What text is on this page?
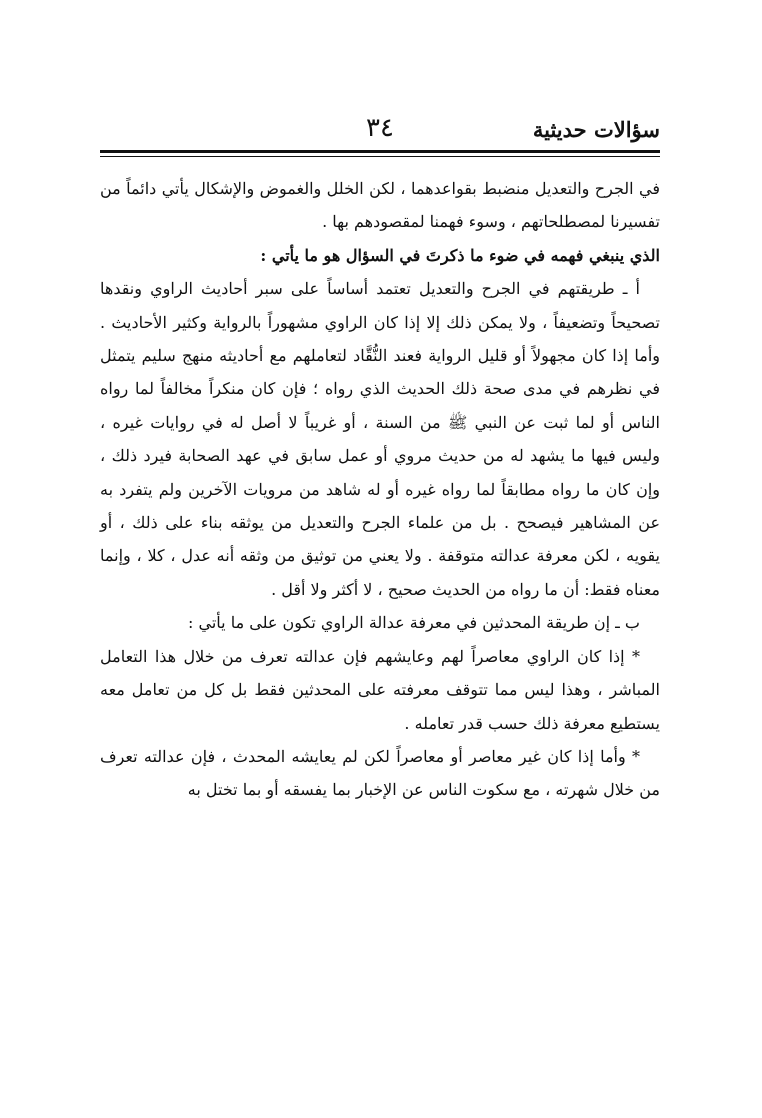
سؤالات حديثية
٣٤

في الجرح والتعديل منضبط بقواعدهما ، لكن الخلل والغموض والإشكال يأتي دائماً من تفسيرنا لمصطلحاتهم ، وسوء فهمنا لمقصودهم بها .

الذي ينبغي فهمه في ضوء ما ذكرتَ في السؤال هو ما يأتي :

أ ـ طريقتهم في الجرح والتعديل تعتمد أساساً على سبر أحاديث الراوي ونقدها تصحيحاً وتضعيفاً ، ولا يمكن ذلك إلا إذا كان الراوي مشهوراً بالرواية وكثير الأحاديث . وأما إذا كان مجهولاً أو قليل الرواية فعند النُّقَّاد لتعاملهم مع أحاديثه منهج سليم يتمثل في نظرهم في مدى صحة ذلك الحديث الذي رواه ؛ فإن كان منكراً مخالفاً لما رواه الناس أو لما ثبت عن النبي ﷺ من السنة ، أو غريباً لا أصل له في روايات غيره ، وليس فيها ما يشهد له من حديث مروي أو عمل سابق في عهد الصحابة فيرد ذلك ، وإن كان ما رواه مطابقاً لما رواه غيره أو له شاهد من مرويات الآخرين ولم يتفرد به عن المشاهير فيصحح . بل من علماء الجرح والتعديل من يوثقه بناء على ذلك ، أو يقويه ، لكن معرفة عدالته متوقفة . ولا يعني من توثيق من وثقه أنه عدل ، كلا ، وإنما معناه فقط: أن ما رواه من الحديث صحيح ، لا أكثر ولا أقل .

ب ـ إن طريقة المحدثين في معرفة عدالة الراوي تكون على ما يأتي :

* إذا كان الراوي معاصراً لهم وعايشهم فإن عدالته تعرف من خلال هذا التعامل المباشر ، وهذا ليس مما تتوقف معرفته على المحدثين فقط بل كل من تعامل معه يستطيع معرفة ذلك حسب قدر تعامله .

* وأما إذا كان غير معاصر أو معاصراً لكن لم يعايشه المحدث ، فإن عدالته تعرف من خلال شهرته ، مع سكوت الناس عن الإخبار بما يفسقه أو بما تختل به
